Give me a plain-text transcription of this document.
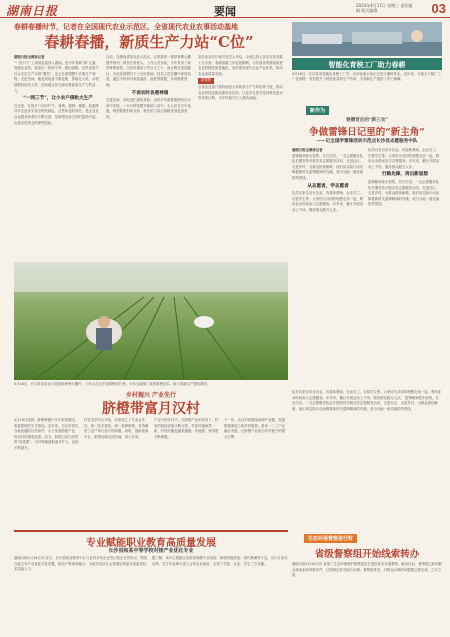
湖南日报	要闻	2024年4月17日 星期三 责任编辑 版式编辑	03
春耕春播时节，记者在全国现代农业示范区、全省现代农业农事活动基地
春耕春播，新质生产力站“C位”
湖南日报全媒体记者
“一茬口子”上岗高质量闯入湖南，是今年春耕“新”元素。智能化农机，装备在一块块干旱、粮田深耕。这些设备不仅让农田生产实现“增效”，也正在重塑整个农事生产流程。走进田间，能见到装备不断更新，智能无人机、水稻插秧机纷纷上阵，田间地头处处涌动着新质生产力的活力。
“一网三节”，让小农户接轨大生产
在这里，在很多“小田块”中，育秧、插秧、施肥、收割等环节正逐步实现全程机械化。这些转变的背后，是农业社会化服务体系的不断完善，是新型经营主体的蓬勃兴起，也是农民观念的深刻变化。
日前，在湖南省某农业示范区，记者看到一排排育秧大棚整齐排列。秧苗长势喜人。工作人员介绍，今年采用了新型育秧基质，出苗率提高了约百分之十，而且秧苗更加健壮，为后续插秧打下了良好基础。技术人员在棚内来回巡查，通过手机即可查看温度、湿度等数据，实现精准管理。
不误农时各展神通
走进田间，到处是忙碌的身影。农机手驾驶着插秧机在水田中穿梭，一行行秧苗整齐地插入田中。无人机在空中盘旋，喷洒着肥料和农药。科技的力量让春耕变得更加高效。
省农业农村厅相关负责人介绍，全省已投入各类农机具数十万台套，春耕备耕工作进展顺利。今年我省将继续推进农业机械化和智能化，加快建设现代农业产业体系，推动农业高质量发展。
新观察
全省农业部门将持续加大对新质生产力的培育力度，推动农业科技创新成果转化应用，让更多农民享受到科技进步带来的红利，为乡村振兴注入强劲动能。
4月16日，长沙县某农业示范基地育秧大棚内，工作人员正在查看秧苗长势。今年当地推广新型育秧技术，助力春耕生产提质增效。
智能化育秧工厂助力春耕
4月16日，长沙县某智能化育秧工厂内，自动化流水线正在进行播种作业。近年来，当地大力推广工厂化育秧，有效提升了秧苗质量和生产效率，为春耕生产提供了有力保障。
新作为
春播背后的“新三农”
争做雷锋日记里的“新主角”
——记全国学雷锋活动示范点长沙县志愿服务中队
湖南日报全媒体记者
雷锋精神是永恒的。在长沙县，一支志愿服务队伍长期坚持开展各类志愿服务活动，走进社区、走进乡村，为群众排忧解难。他们用实际行动诠释着新时代雷锋精神的内涵，成为当地一道亮丽的风景线。
从志愿者，学志愿者
队员们来自各行各业，有退休教师、企业员工、在校学生等。大家因为共同的理想走到一起，利用业余时间参与志愿服务。多年来，累计开展活动上千场，服务群众数万人次。
队员们来自各行各业，有退休教师、企业员工、在校学生等。大家因为共同的理想走到一起，利用业余时间参与志愿服务。多年来，累计开展活动上千场，服务群众数万人次。
行路先锋，再出新思想
雷锋精神是永恒的。在长沙县，一支志愿服务队伍长期坚持开展各类志愿服务活动，走进社区、走进乡村，为群众排忧解难。他们用实际行动诠释着新时代雷锋精神的内涵，成为当地一道亮丽的风景线。
乡村振兴 产业先行
脐橙带富月汉村
4月16日清晨，脐橙种植户早早来到果园，查看果树的生长情况。近年来，月汉村依托当地优越的自然条件，大力发展脐橙产业，带动村民增收致富。如今，脐橙已成为村民的“致富果”，全村种植面积逐年扩大，品质不断提升。
村党支部书记介绍，村里成立了专业合作社，统一技术指导、统一品牌销售，有效解决了农户单打独斗的问题。同时，借助电商平台，脐橙远销全国各地，供不应求。
产业兴则乡村兴。在脐橙产业的带动下，村里的基础设施不断完善，村容村貌焕然一新，村民的腰包越来越鼓，幸福感、获得感不断增强。
下一步，月汉村将继续延伸产业链，发展脐橙深加工和乡村旅游，推动一二三产业融合发展，让脐橙产业成为乡村振兴的强大引擎。
队员们来自各行各业，有退休教师、企业员工、在校学生等。大家因为共同的理想走到一起，利用业余时间参与志愿服务。多年来，累计开展活动上千场，服务群众数万人次。 雷锋精神是永恒的。在长沙县，一支志愿服务队伍长期坚持开展各类志愿服务活动，走进社区、走进乡村，为群众排忧解难。他们用实际行动诠释着新时代雷锋精神的内涵，成为当地一道亮丽的风景线。
专业赋能职业教育高质量发展
长沙县和某中等学校对接产业优化专业
湖南日报4月16日讯 近日，长沙县职业教育中心与县内多家企业签订校企合作协议，围绕当地主导产业优化专业设置，推动产教深度融合，为地方经济社会发展培养更多高素质技术技能人才。
据了解，该中心根据企业需求调整专业结构，新增智能制造、现代物流等专业，实行订单式培养，学生毕业即可进入合作企业就业，实现了学校、企业、学生三方共赢。
生态环保督察进行时
省级督察组开始线索转办
湖南日报4月16日讯 省第三生态环境保护督察组近日进驻某市开展督察。截至目前，督察组已收到群众来电来信举报多件，已按规定转交地方办理。督察组要求，对群众反映的问题要边督边改、立行立改。
